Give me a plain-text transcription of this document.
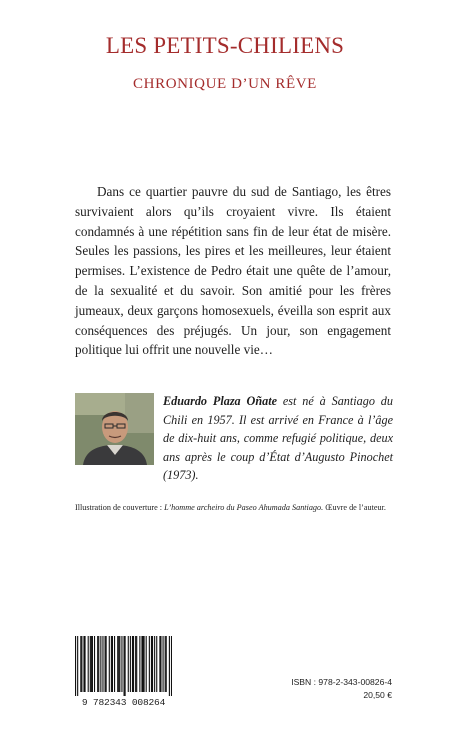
LES PETITS-CHILIENS
CHRONIQUE D’UN RÊVE

Dans ce quartier pauvre du sud de Santiago, les êtres survivaient alors qu’ils croyaient vivre. Ils étaient condamnés à une répétition sans fin de leur état de misère. Seules les passions, les pires et les meilleures, leur étaient permises. L’existence de Pedro était une quête de l’amour, de la sexualité et du savoir. Son amitié pour les frères jumeaux, deux garçons homosexuels, éveilla son esprit aux conséquences des préjugés. Un jour, son engagement politique lui offrit une nouvelle vie…

Eduardo Plaza Oñate est né à Santiago du Chili en 1957. Il est arrivé en France à l’âge de dix-huit ans, comme refugié politique, deux ans après le coup d’État d’Augusto Pinochet (1973).
Illustration de couverture : L’homme archeiro du Paseo Ahumada Santiago. Œuvre de l’auteur.
9 782343 008264
ISBN : 978-2-343-00826-4
20,50 €
